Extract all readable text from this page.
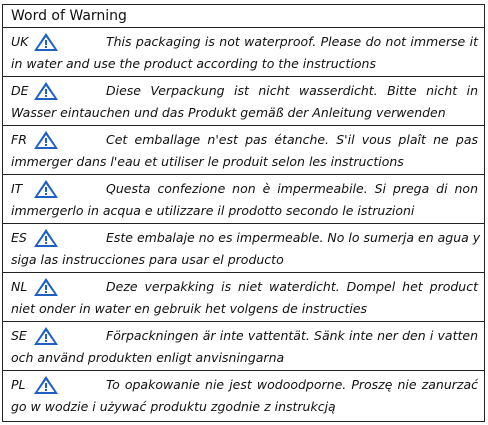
Word of Warning
UK	This packaging is not waterproof. Please do not immerse it
in water and use the product according to the instructions
DE	Diese Verpackung ist nicht wasserdicht. Bitte nicht in
Wasser eintauchen und das Produkt gemäß der Anleitung verwenden
FR	Cet emballage n'est pas étanche. S'il vous plaît ne pas
immerger dans l'eau et utiliser le produit selon les instructions
IT	Questa confezione non è impermeabile. Si prega di non
immergerlo in acqua e utilizzare il prodotto secondo le istruzioni
ES	Este embalaje no es impermeable. No lo sumerja en agua y
siga las instrucciones para usar el producto
NL	Deze verpakking is niet waterdicht. Dompel het product
niet onder in water en gebruik het volgens de instructies
SE	Förpackningen är inte vattentät. Sänk inte ner den i vatten
och använd produkten enligt anvisningarna
PL	To opakowanie nie jest wodoodporne. Proszę nie zanurzać
go w wodzie i używać produktu zgodnie z instrukcją
